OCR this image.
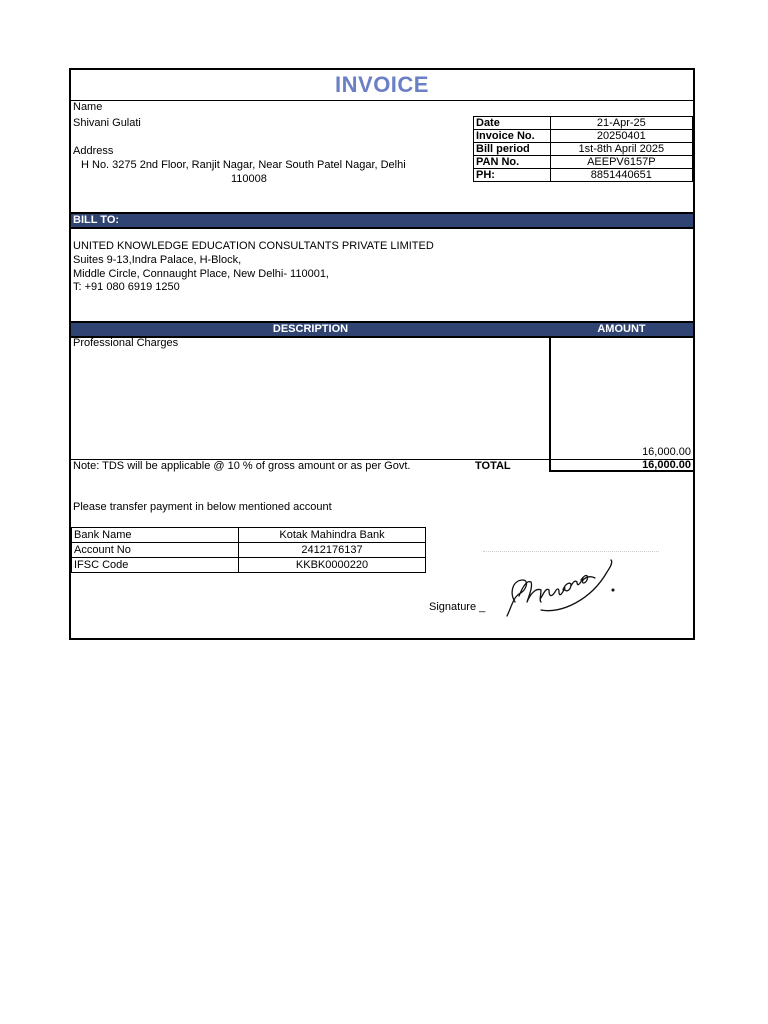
INVOICE
Name
Shivani Gulati
Address
H No. 3275 2nd Floor, Ranjit Nagar, Near South Patel Nagar, Delhi
110008
Date	21-Apr-25
Invoice No.	20250401
Bill period	1st-8th April 2025
PAN No.	AEEPV6157P
PH:	8851440651
BILL TO:
UNITED KNOWLEDGE EDUCATION CONSULTANTS PRIVATE LIMITED
Suites 9-13,Indra Palace, H-Block,
Middle Circle, Connaught Place, New Delhi- 110001,
T: +91 080 6919 1250
DESCRIPTION	AMOUNT
Professional Charges
16,000.00
Note: TDS will be applicable @ 10 % of gross amount or as per Govt.	TOTAL	16,000.00
Please transfer payment in below mentioned account
Bank Name	Kotak Mahindra Bank
Account No	2412176137
IFSC Code	KKBK0000220
Signature _
